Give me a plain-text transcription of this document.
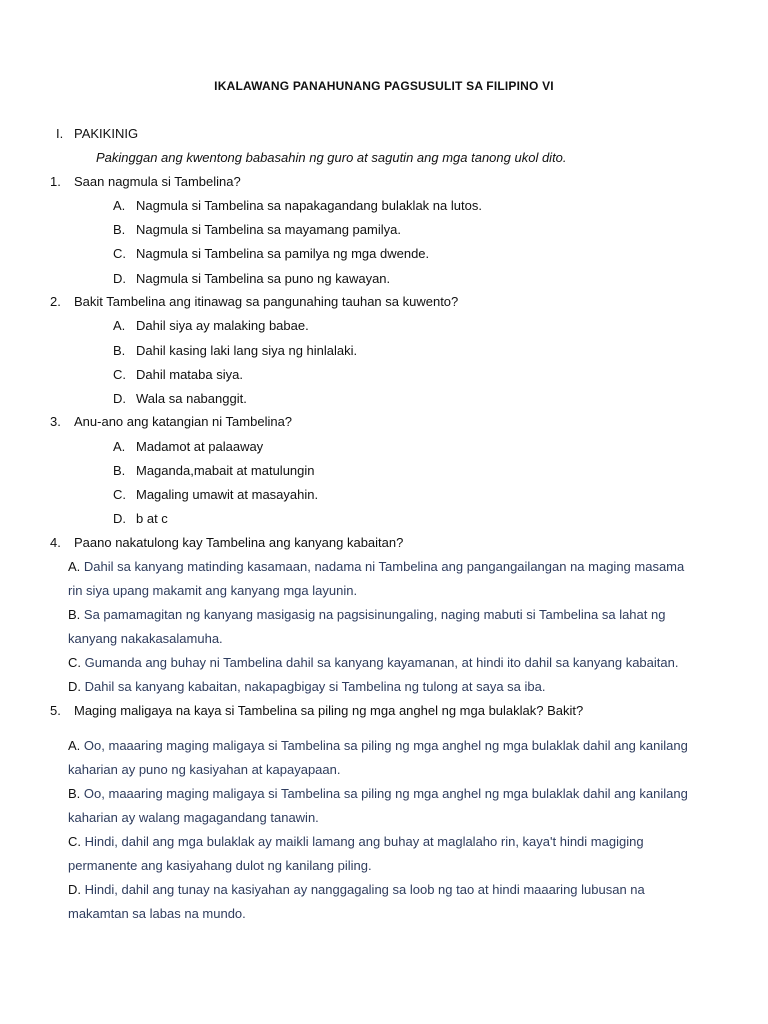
IKALAWANG PANAHUNANG PAGSUSULIT SA FILIPINO VI
I. PAKIKINIG
Pakinggan ang kwentong babasahin ng guro at sagutin ang mga tanong ukol dito.
1. Saan nagmula si Tambelina?
A. Nagmula si Tambelina sa napakagandang bulaklak na lutos.
B. Nagmula si Tambelina sa mayamang pamilya.
C. Nagmula si Tambelina sa pamilya ng mga dwende.
D. Nagmula si Tambelina sa puno ng kawayan.
2. Bakit Tambelina ang itinawag sa pangunahing tauhan sa kuwento?
A. Dahil siya ay malaking babae.
B. Dahil kasing laki lang siya ng hinlalaki.
C. Dahil mataba siya.
D. Wala sa nabanggit.
3. Anu-ano ang katangian ni Tambelina?
A. Madamot at palaaway
B. Maganda,mabait at matulungin
C. Magaling umawit at masayahin.
D. b at c
4. Paano nakatulong kay Tambelina ang kanyang kabaitan?
A. Dahil sa kanyang matinding kasamaan, nadama ni Tambelina ang pangangailangan na maging masama
rin siya upang makamit ang kanyang mga layunin.
B. Sa pamamagitan ng kanyang masigasig na pagsisinungaling, naging mabuti si Tambelina sa lahat ng
kanyang nakakasalamuha.
C. Gumanda ang buhay ni Tambelina dahil sa kanyang kayamanan, at hindi ito dahil sa kanyang kabaitan.
D. Dahil sa kanyang kabaitan, nakapagbigay si Tambelina ng tulong at saya sa iba.
5. Maging maligaya na kaya si Tambelina sa piling ng mga anghel ng mga bulaklak? Bakit?
A. Oo, maaaring maging maligaya si Tambelina sa piling ng mga anghel ng mga bulaklak dahil ang kanilang
kaharian ay puno ng kasiyahan at kapayapaan.
B. Oo, maaaring maging maligaya si Tambelina sa piling ng mga anghel ng mga bulaklak dahil ang kanilang
kaharian ay walang magagandang tanawin.
C. Hindi, dahil ang mga bulaklak ay maikli lamang ang buhay at maglalaho rin, kaya't hindi magiging
permanente ang kasiyahang dulot ng kanilang piling.
D. Hindi, dahil ang tunay na kasiyahan ay nanggagaling sa loob ng tao at hindi maaaring lubusan na
makamtan sa labas na mundo.
